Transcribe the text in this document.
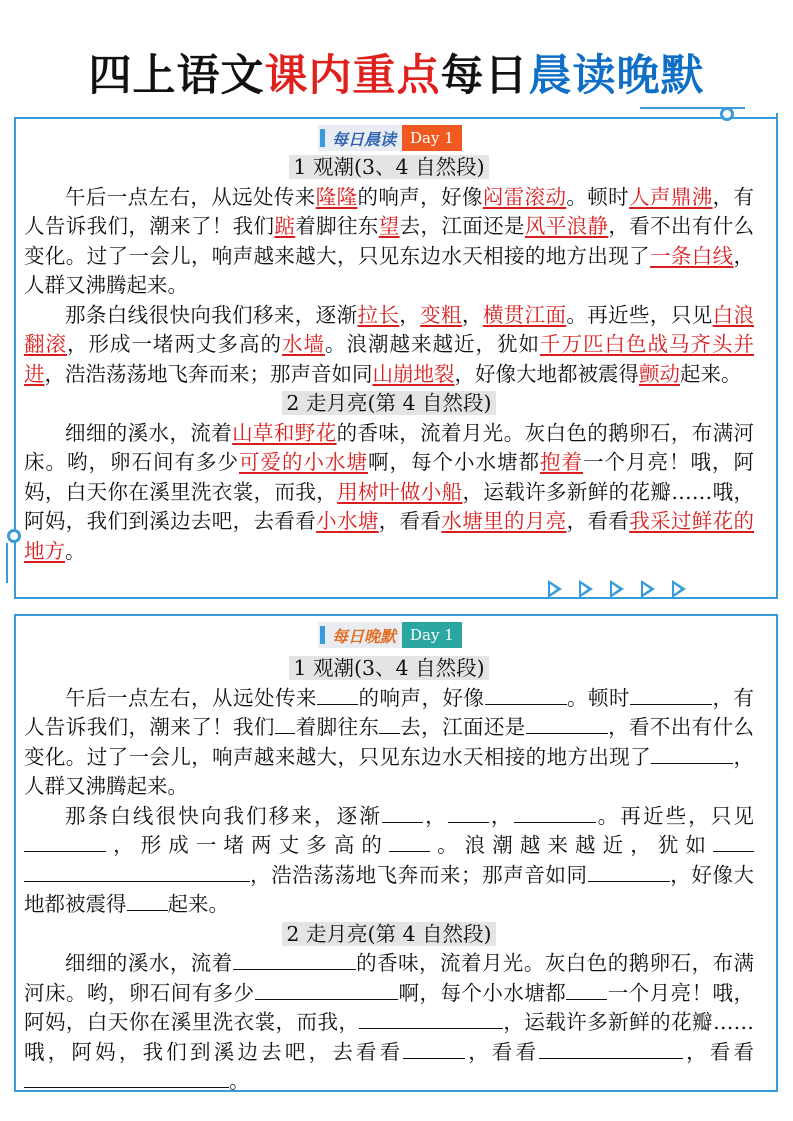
四上语文课内重点每日晨读晚默
每日晨读 Day 1
1 观潮(3、4 自然段)

午后一点左右，从远处传来隆隆的响声，好像闷雷滚动。顿时人声鼎沸，有人告诉我们，潮来了！我们踮着脚往东望去，江面还是风平浪静，看不出有什么变化。过了一会儿，响声越来越大，只见东边水天相接的地方出现了一条白线，人群又沸腾起来。

那条白线很快向我们移来，逐渐拉长，变粗，横贯江面。再近些，只见白浪翻滚，形成一堵两丈多高的水墙。浪潮越来越近，犹如千万匹白色战马齐头并进，浩浩荡荡地飞奔而来；那声音如同山崩地裂，好像大地都被震得颤动起来。

2 走月亮(第 4 自然段)

细细的溪水，流着山草和野花的香味，流着月光。灰白色的鹅卵石，布满河床。哟，卵石间有多少可爱的小水塘啊，每个小水塘都抱着一个月亮！哦，阿妈，白天你在溪里洗衣裳，而我，用树叶做小船，运载许多新鲜的花瓣……哦，阿妈，我们到溪边去吧，去看看小水塘，看看水塘里的月亮，看看我采过鲜花的地方。

每日晚默 Day 1
1 观潮(3、4 自然段)

午后一点左右，从远处传来 的响声，好像	。顿时	，有人告诉我们，潮来了！我们 着脚往东 去，江面还是	，看不出有什么变化。过了一会儿，响声越来越大，只见东边水天相接的地方出现了	，人群又沸腾起来。

那条白线很快向我们移来，逐渐 ， ，	。再近些，只见，形成一堵两丈多高的 。浪潮越来越近，犹如，浩浩荡荡地飞奔而来；那声音如同	，好像大地都被震得 起来。

2 走月亮(第 4 自然段)

细细的溪水，流着	的香味，流着月光。灰白色的鹅卵石，布满河床。哟，卵石间有多少	啊，每个小水塘都 一个月亮！哦，阿妈，白天你在溪里洗衣裳，而我，	，运载许多新鲜的花瓣……哦，阿妈，我们到溪边去吧，去看看	，看看	，看看。
